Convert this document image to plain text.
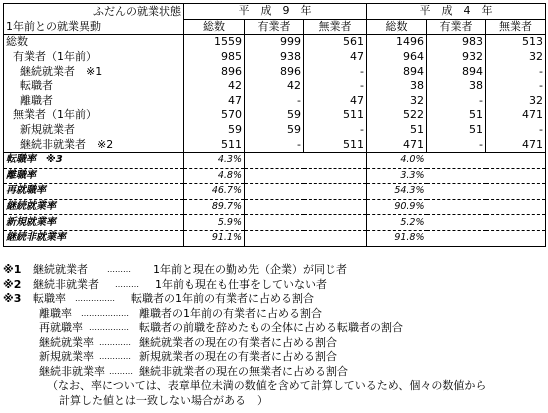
ふだんの就業状態	平　成　9　年			平　成　4　年		
1年前との就業異動	総数	有業者	無業者	総数	有業者	無業者
総数	1559	999	561	1496	983	513
有業者（1年前）	985	938	47	964	932	32
継続就業者　※1	896	896	-	894	894	-
転職者	42	42	-	38	38	-
離職者	47	-	47	32	-	32
無業者（1年前）	570	59	511	522	51	471
新規就業者	59	59	-	51	51	-
継続非就業者　※2	511	-	511	471	-	471
転職率　※3	4.3%			4.0%		
離職率	4.8%			3.3%		
再就職率	46.7%			54.3%		
継続就業率	89.7%			90.9%		
新規就業率	5.9%			5.2%		
継続非就業率	91.1%			91.8%		
※1 継続就業者 ……… 1年前と現在の勤め先（企業）が同じ者
※2 継続非就業者 ……… 1年前も現在も仕事をしていない者
※3 転職率 …………… 転職者の1年前の有業者に占める割合
離職率 ……………… 離職者の1年前の有業者に占める割合
再就職率 …………… 転職者の前職を辞めたもの全体に占める転職者の割合
継続就業率 ………… 継続就業者の現在の有業者に占める割合
新規就業率 ………… 新規就業者の現在の有業者に占める割合
継続非就業率 ……… 継続非就業者の現在の無業者に占める割合
（なお、率については、表章単位未満の数値を含めて計算しているため、個々の数値から
計算した値とは一致しない場合がある　）
